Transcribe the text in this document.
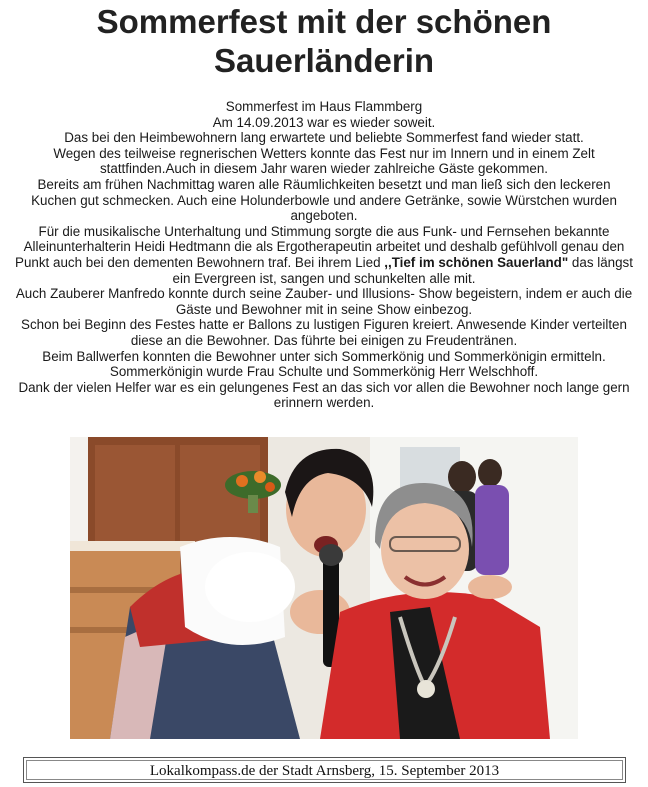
Sommerfest mit der schönen
Sauerländerin

Sommerfest im Haus Flammberg

Am 14.09.2013 war es wieder soweit.

Das bei den Heimbewohnern lang erwartete und beliebte Sommerfest fand wieder statt.

Wegen des teilweise regnerischen Wetters konnte das Fest nur im Innern und in einem Zelt stattfinden.Auch in diesem Jahr waren wieder zahlreiche Gäste gekommen.

Bereits am frühen Nachmittag waren alle Räumlichkeiten besetzt und man ließ sich den leckeren Kuchen gut schmecken. Auch eine Holunderbowle und andere Getränke, sowie Würstchen wurden angeboten.

Für die musikalische Unterhaltung und Stimmung sorgte die aus Funk- und Fernsehen bekannte Alleinunterhalterin Heidi Hedtmann die als Ergotherapeutin arbeitet und deshalb gefühlvoll genau den Punkt auch bei den dementen Bewohnern traf. Bei ihrem Lied ,,Tief im schönen Sauerland" das längst ein Evergreen ist, sangen und schunkelten alle mit.

Auch Zauberer Manfredo konnte durch seine Zauber- und Illusions- Show begeistern, indem er auch die Gäste und Bewohner mit in seine Show einbezog.

Schon bei Beginn des Festes hatte er Ballons zu lustigen Figuren kreiert. Anwesende Kinder verteilten diese an die Bewohner. Das führte bei einigen zu Freudentränen.

Beim Ballwerfen konnten die Bewohner unter sich Sommerkönig und Sommerkönigin ermitteln.

Sommerkönigin wurde Frau Schulte und Sommerkönig Herr Welschhoff.

Dank der vielen Helfer war es ein gelungenes Fest an das sich vor allen die Bewohner noch lange gern erinnern werden.

Lokalkompass.de der Stadt Arnsberg, 15. September 2013
